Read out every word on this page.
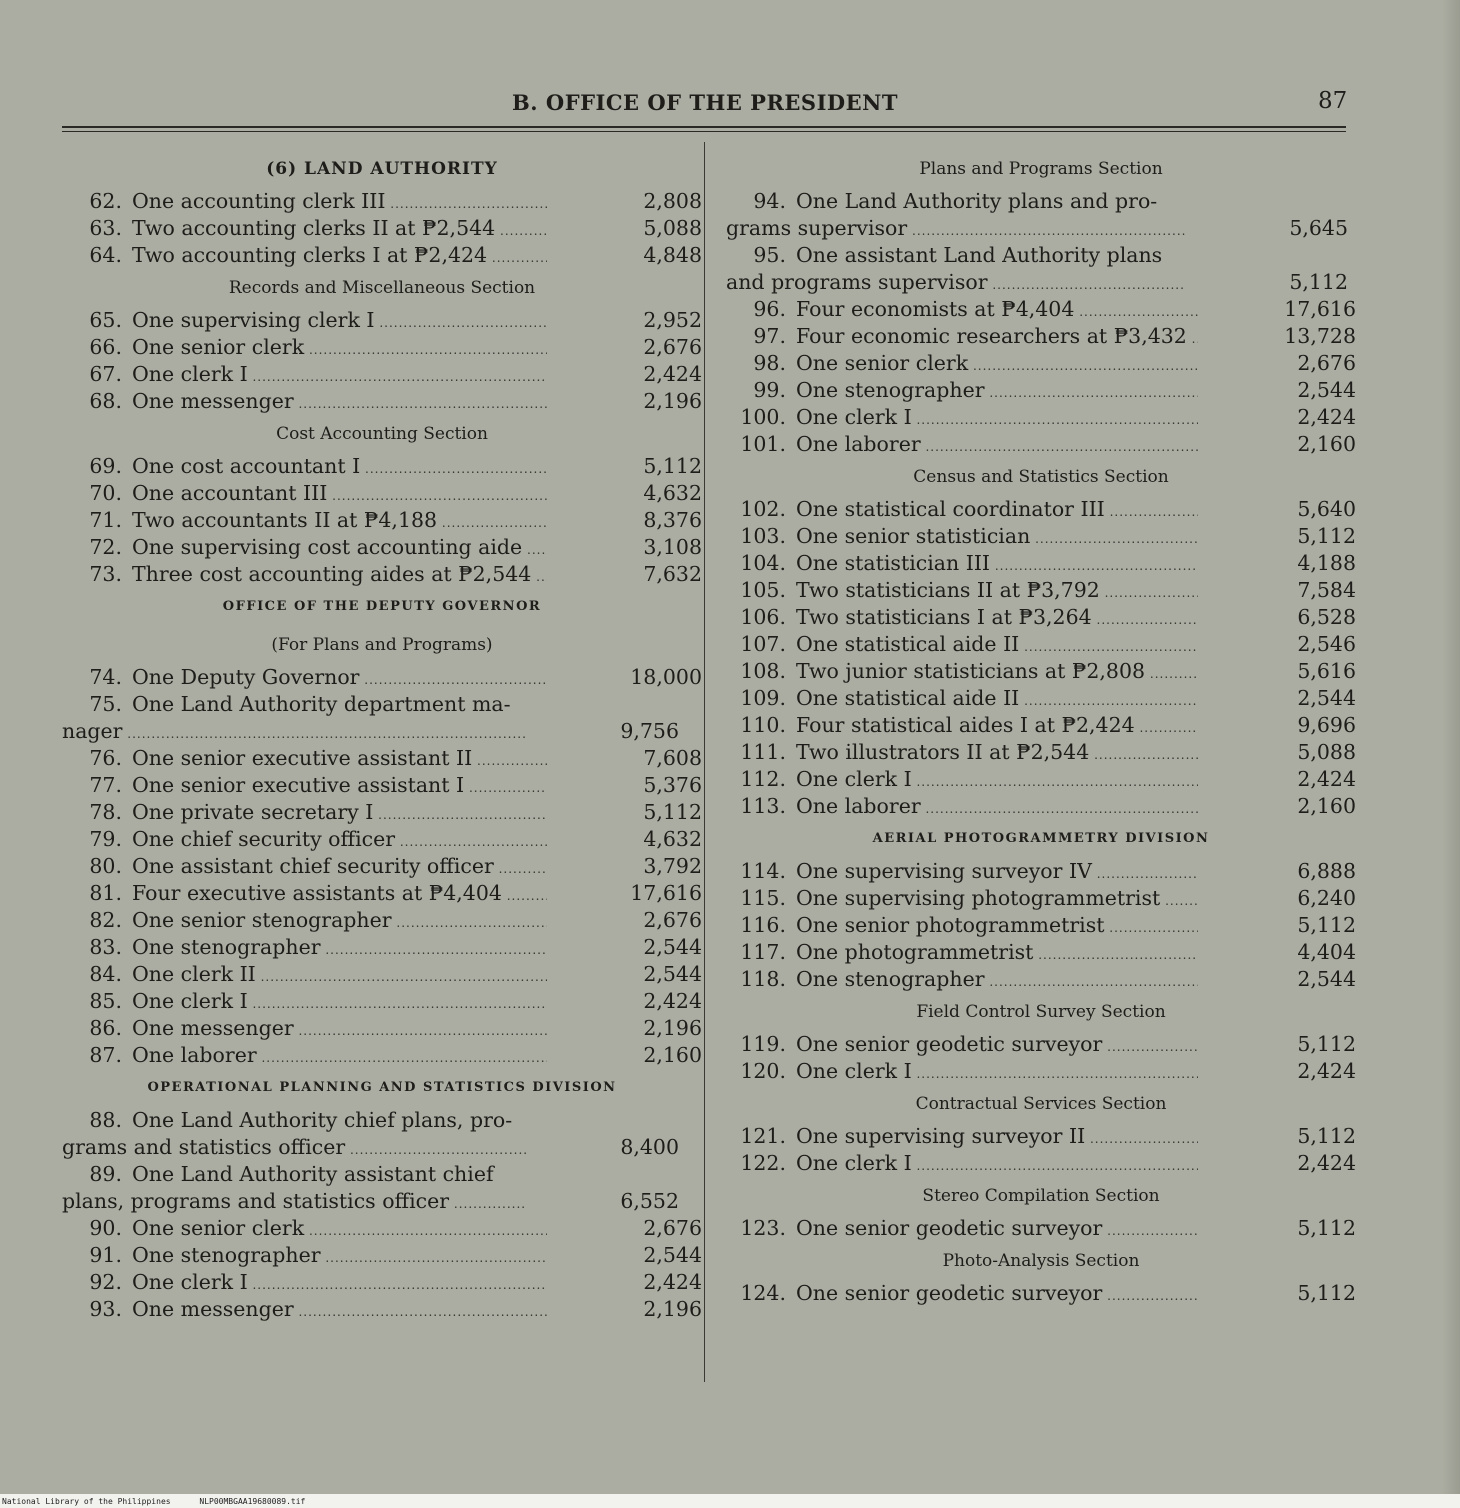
B. OFFICE OF THE PRESIDENT	87
(6) LAND AUTHORITY
62. One accounting clerk III .....	2,808
63. Two accounting clerks II at ₱2,544 .....	5,088
64. Two accounting clerks I at ₱2,424 .....	4,848
Records and Miscellaneous Section
65. One supervising clerk I .....	2,952
66. One senior clerk .....	2,676
67. One clerk I .....	2,424
68. One messenger .....	2,196
Cost Accounting Section
69. One cost accountant I .....	5,112
70. One accountant III .....	4,632
71. Two accountants II at ₱4,188 .....	8,376
72. One supervising cost accounting aide .....	3,108
73. Three cost accounting aides at ₱2,544 .....	7,632
OFFICE OF THE DEPUTY GOVERNOR
(For Plans and Programs)
74. One Deputy Governor .....	18,000
75. One Land Authority department ma-
nager .....	9,756
76. One senior executive assistant II .....	7,608
77. One senior executive assistant I .....	5,376
78. One private secretary I .....	5,112
79. One chief security officer .....	4,632
80. One assistant chief security officer .....	3,792
81. Four executive assistants at ₱4,404 .....	17,616
82. One senior stenographer .....	2,676
83. One stenographer .....	2,544
84. One clerk II .....	2,544
85. One clerk I .....	2,424
86. One messenger .....	2,196
87. One laborer .....	2,160
OPERATIONAL PLANNING AND STATISTICS DIVISION
88. One Land Authority chief plans, pro-
grams and statistics officer .....	8,400
89. One Land Authority assistant chief
plans, programs and statistics officer .....	6,552
90. One senior clerk .....	2,676
91. One stenographer .....	2,544
92. One clerk I .....	2,424
93. One messenger .....	2,196
Plans and Programs Section
94. One Land Authority plans and pro-
grams supervisor .....	5,645
95. One assistant Land Authority plans
and programs supervisor .....	5,112
96. Four economists at ₱4,404 .....	17,616
97. Four economic researchers at ₱3,432 .....	13,728
98. One senior clerk .....	2,676
99. One stenographer .....	2,544
100. One clerk I .....	2,424
101. One laborer .....	2,160
Census and Statistics Section
102. One statistical coordinator III .....	5,640
103. One senior statistician .....	5,112
104. One statistician III .....	4,188
105. Two statisticians II at ₱3,792 .....	7,584
106. Two statisticians I at ₱3,264 .....	6,528
107. One statistical aide II .....	2,546
108. Two junior statisticians at ₱2,808 .....	5,616
109. One statistical aide II .....	2,544
110. Four statistical aides I at ₱2,424 .....	9,696
111. Two illustrators II at ₱2,544 .....	5,088
112. One clerk I .....	2,424
113. One laborer .....	2,160
AERIAL PHOTOGRAMMETRY DIVISION
114. One supervising surveyor IV .....	6,888
115. One supervising photogrammetrist .....	6,240
116. One senior photogrammetrist .....	5,112
117. One photogrammetrist .....	4,404
118. One stenographer .....	2,544
Field Control Survey Section
119. One senior geodetic surveyor .....	5,112
120. One clerk I .....	2,424
Contractual Services Section
121. One supervising surveyor II .....	5,112
122. One clerk I .....	2,424
Stereo Compilation Section
123. One senior geodetic surveyor .....	5,112
Photo-Analysis Section
124. One senior geodetic surveyor .....	5,112
National Library of the Philippines	NLP00MBGAA19680089.tif
